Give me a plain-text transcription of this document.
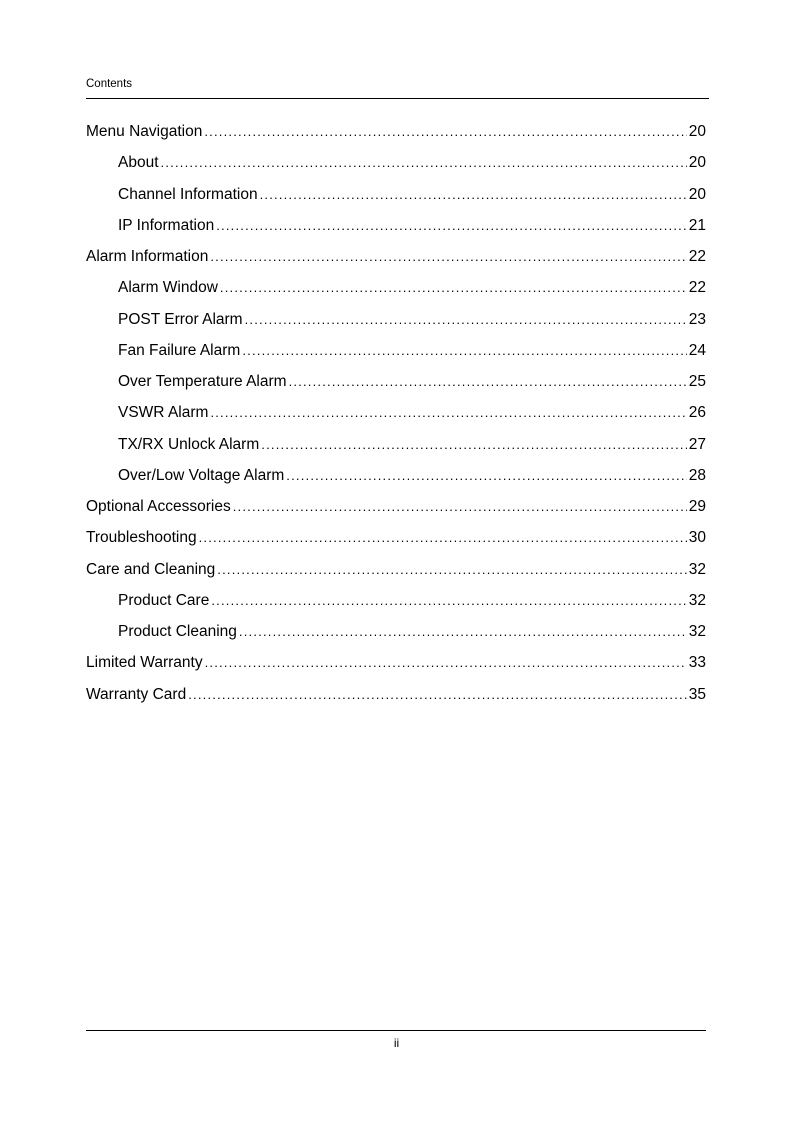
Contents
Menu Navigation .....	20
About .....	20
Channel Information .....	20
IP Information .....	21
Alarm Information .....	22
Alarm Window .....	22
POST Error Alarm .....	23
Fan Failure Alarm .....	24
Over Temperature Alarm .....	25
VSWR Alarm .....	26
TX/RX Unlock Alarm .....	27
Over/Low Voltage Alarm .....	28
Optional Accessories .....	29
Troubleshooting .....	30
Care and Cleaning .....	32
Product Care .....	32
Product Cleaning .....	32
Limited Warranty .....	33
Warranty Card .....	35
ii
